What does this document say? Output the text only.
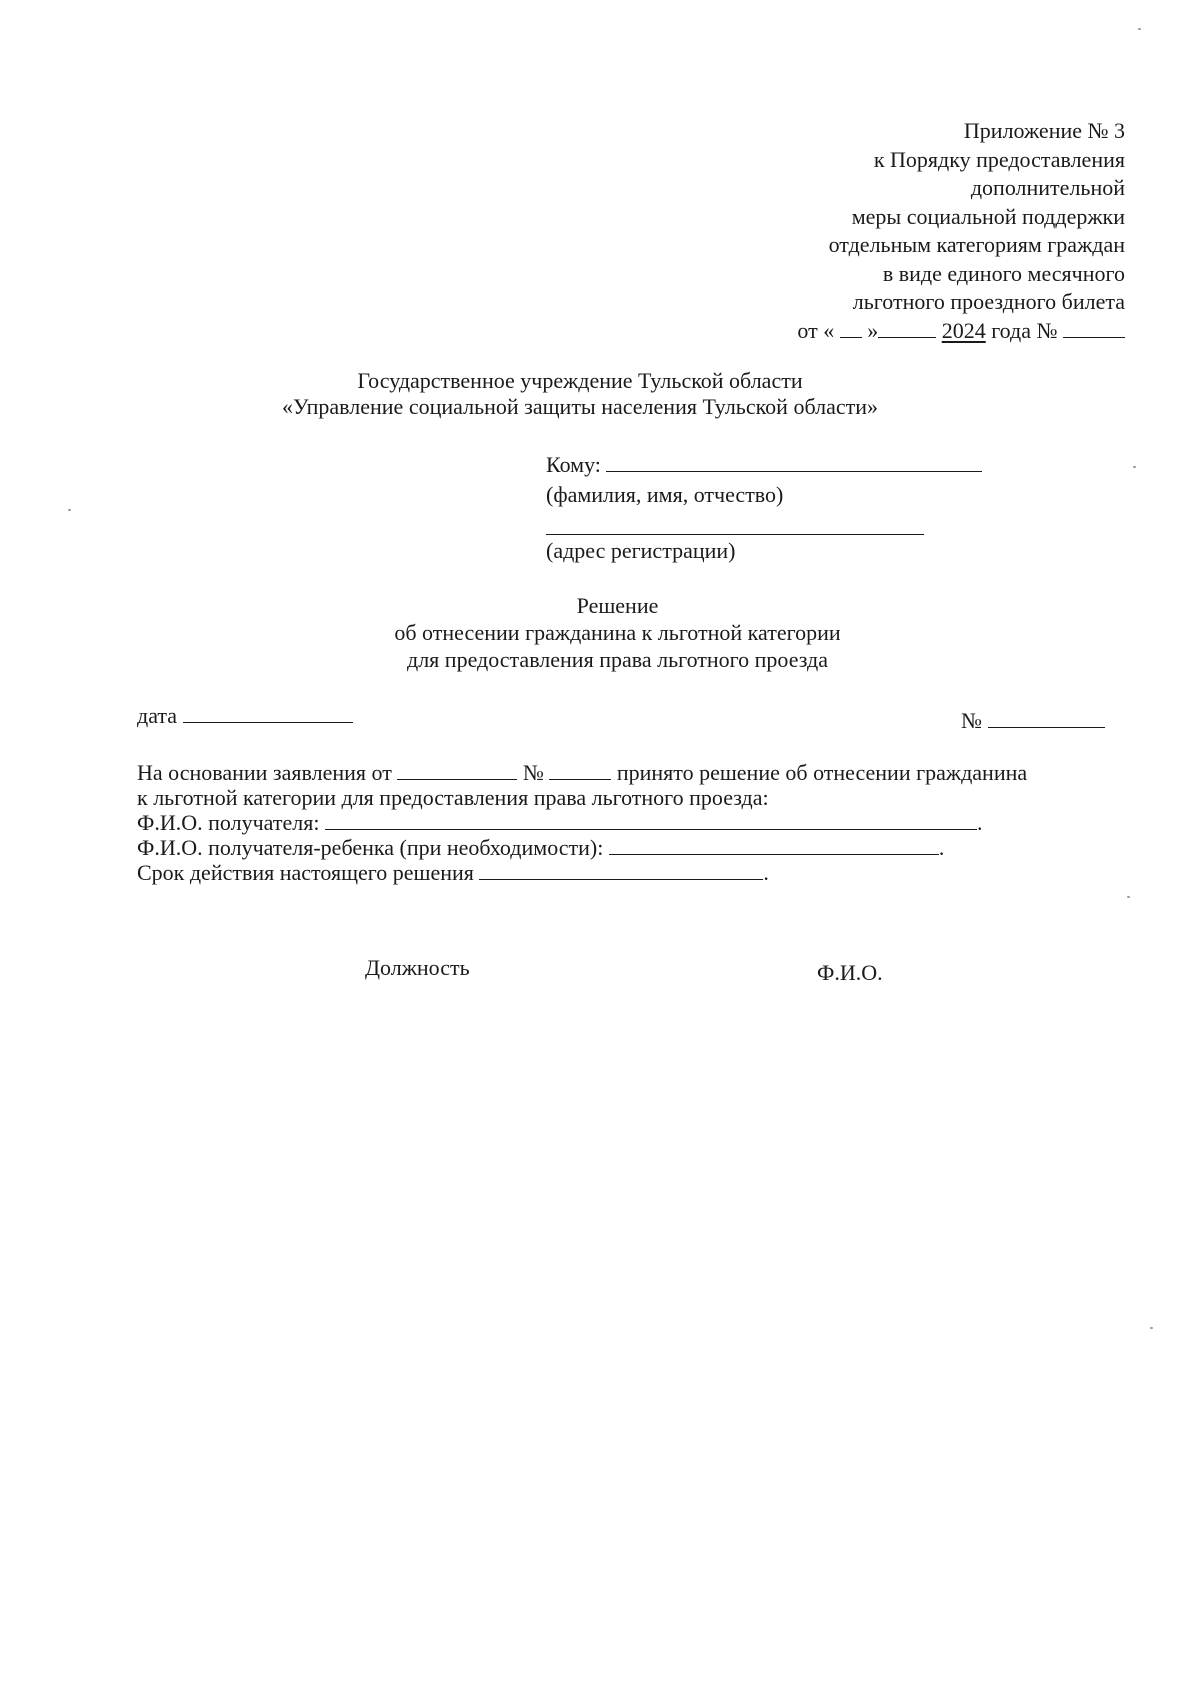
Приложение № 3
к Порядку предоставления
дополнительной
меры социальной поддержки
отдельным категориям граждан
в виде единого месячного
льготного проездного билета
от « »	2024 года №
Государственное учреждение Тульской области
«Управление социальной защиты населения Тульской области»
Кому:
(фамилия, имя, отчество)
(адрес регистрации)
Решение
об отнесении гражданина к льготной категории
для предоставления права льготного проезда
дата	№
На основании заявления от	№	принято решение об отнесении гражданина
к льготной категории для предоставления права льготного проезда:
Ф.И.О. получателя:	.
Ф.И.О. получателя-ребенка (при необходимости):	.
Срок действия настоящего решения	.
Должность	Ф.И.О.
